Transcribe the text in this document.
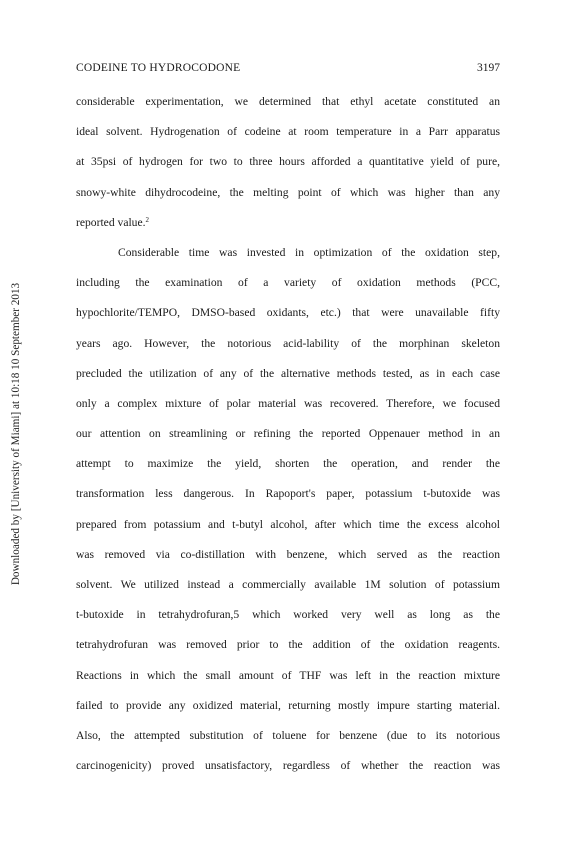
CODEINE TO HYDROCODONE	3197
Downloaded by [University of Miami] at 10:18 10 September 2013
considerable experimentation, we determined that ethyl acetate constituted an
ideal solvent. Hydrogenation of codeine at room temperature in a Parr apparatus
at 35psi of hydrogen for two to three hours afforded a quantitative yield of pure,
snowy-white dihydrocodeine, the melting point of which was higher than any
reported value.$^2$
Considerable time was invested in optimization of the oxidation step,
including the examination of a variety of oxidation methods (PCC,
hypochlorite/TEMPO, DMSO-based oxidants, etc.) that were unavailable fifty
years ago. However, the notorious acid-lability of the morphinan skeleton
precluded the utilization of any of the alternative methods tested, as in each case
only a complex mixture of polar material was recovered. Therefore, we focused
our attention on streamlining or refining the reported Oppenauer method in an
attempt to maximize the yield, shorten the operation, and render the
transformation less dangerous. In Rapoport's paper, potassium t-butoxide was
prepared from potassium and t-butyl alcohol, after which time the excess alcohol
was removed via co-distillation with benzene, which served as the reaction
solvent. We utilized instead a commercially available 1M solution of potassium
t-butoxide in tetrahydrofuran,5 which worked very well as long as the
tetrahydrofuran was removed prior to the addition of the oxidation reagents.
Reactions in which the small amount of THF was left in the reaction mixture
failed to provide any oxidized material, returning mostly impure starting material.
Also, the attempted substitution of toluene for benzene (due to its notorious
carcinogenicity) proved unsatisfactory, regardless of whether the reaction was
